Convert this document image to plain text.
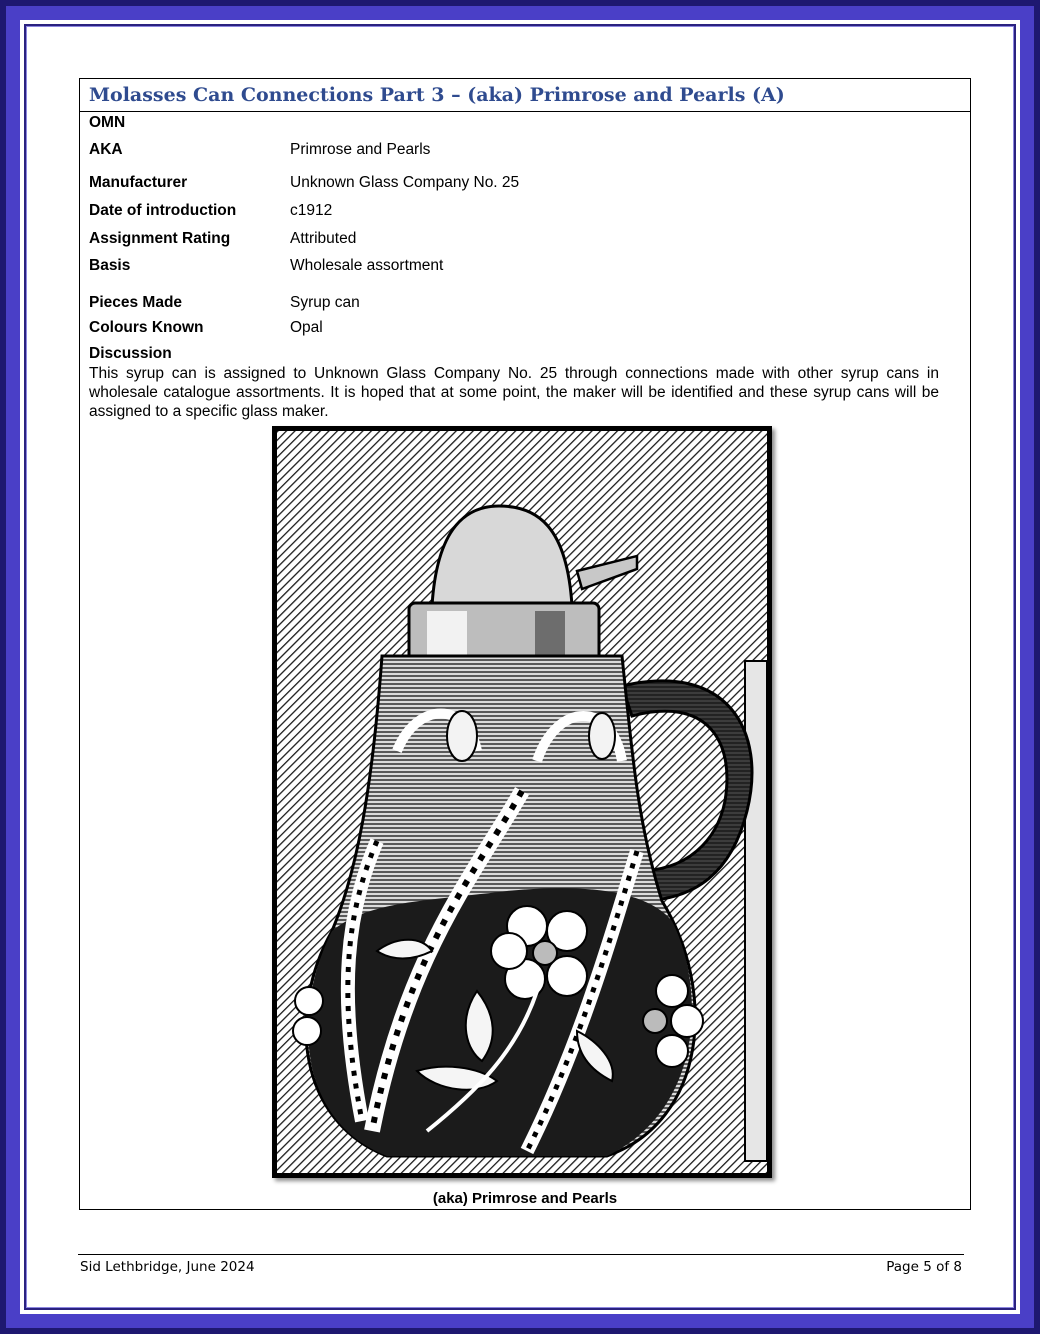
Molasses Can Connections Part 3 – (aka) Primrose and Pearls (A)
OMN
AKA	Primrose and Pearls
Manufacturer	Unknown Glass Company No. 25
Date of introduction	c1912
Assignment Rating	Attributed
Basis	Wholesale assortment
Pieces Made	Syrup can
Colours Known	Opal
Discussion
This syrup can is assigned to Unknown Glass Company No. 25 through connections made with other syrup cans in wholesale catalogue assortments. It is hoped that at some point, the maker will be identified and these syrup cans will be assigned to a specific glass maker.
(aka) Primrose and Pearls
Sid Lethbridge, June 2024	Page 5 of 8
